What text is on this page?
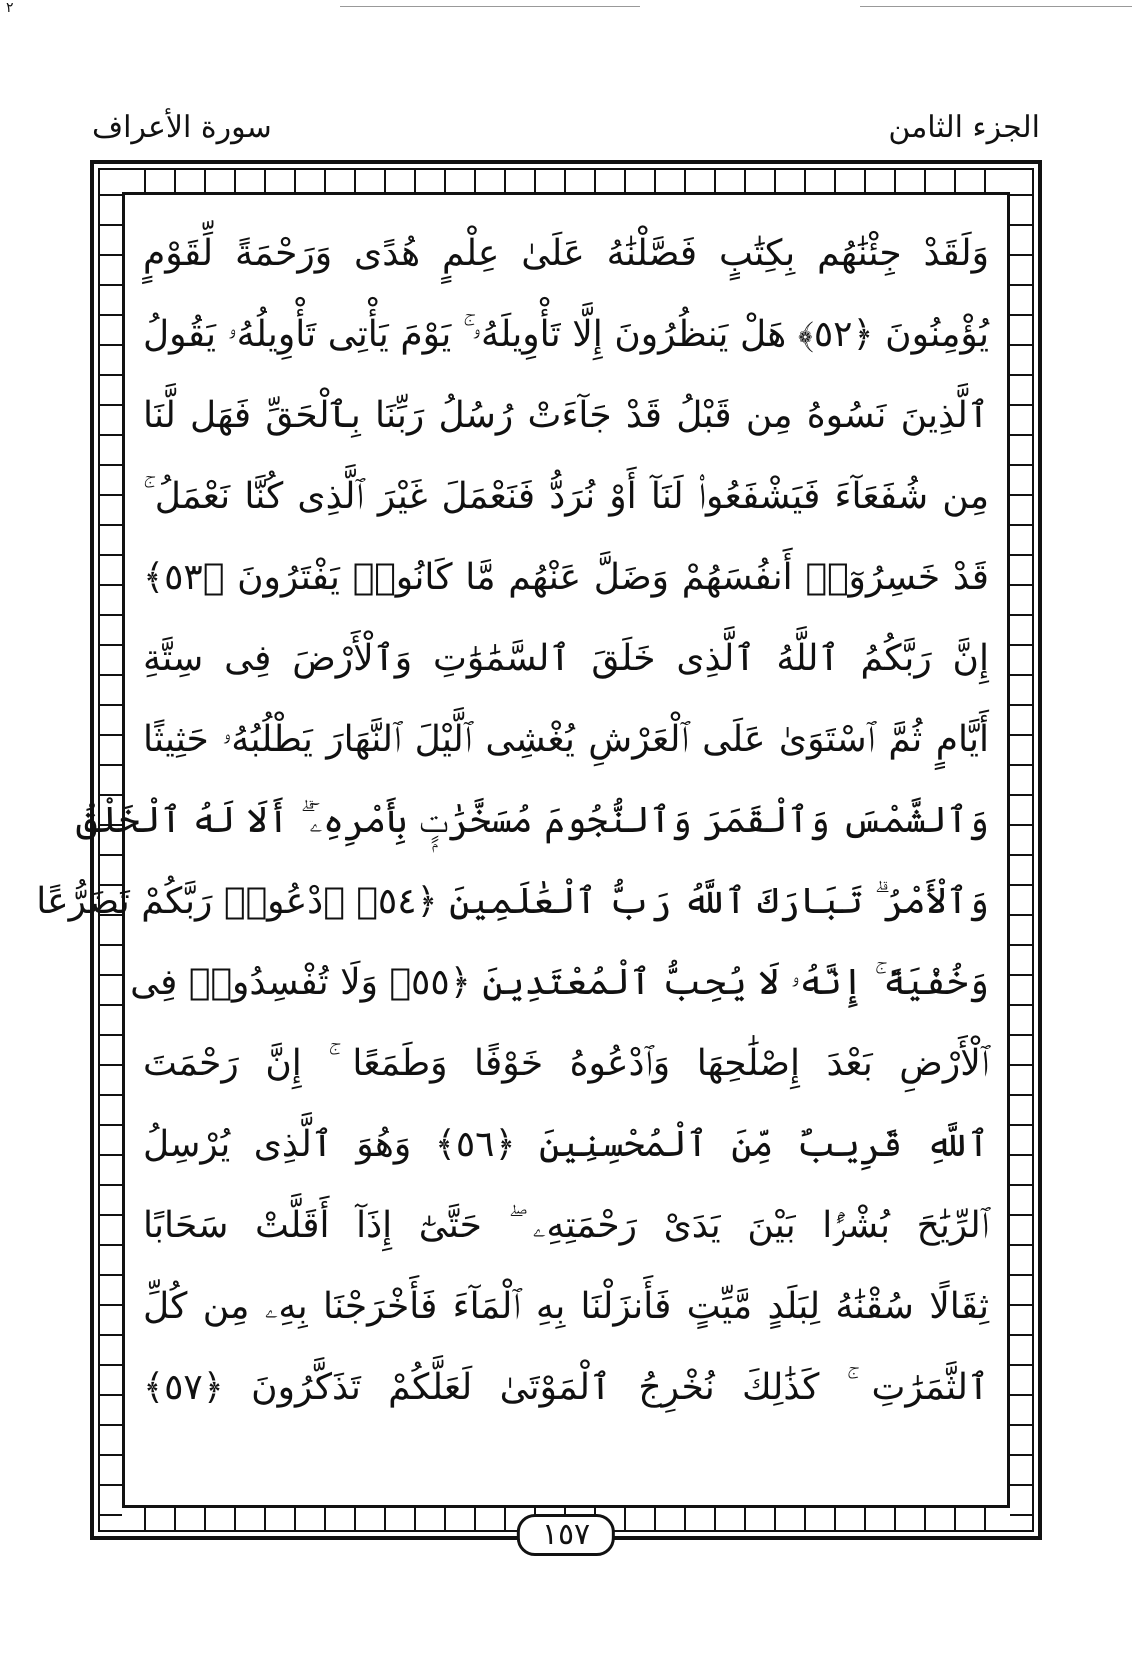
٢
الجزء الثامن
سورة الأعراف
وَلَقَدْ جِئْنَٰهُم بِكِتَٰبٍ فَصَّلْنَٰهُ عَلَىٰ عِلْمٍ هُدًى وَرَحْمَةً لِّقَوْمٍ
يُؤْمِنُونَ ﴿٥٢﴾ هَلْ يَنظُرُونَ إِلَّا تَأْوِيلَهُۥ ۚ يَوْمَ يَأْتِى تَأْوِيلُهُۥ يَقُولُ
ٱلَّذِينَ نَسُوهُ مِن قَبْلُ قَدْ جَآءَتْ رُسُلُ رَبِّنَا بِٱلْحَقِّ فَهَل لَّنَا
مِن شُفَعَآءَ فَيَشْفَعُوا۟ لَنَآ أَوْ نُرَدُّ فَنَعْمَلَ غَيْرَ ٱلَّذِى كُنَّا نَعْمَلُ ۚ
قَدْ خَسِرُوٓا۟ أَنفُسَهُمْ وَضَلَّ عَنْهُم مَّا كَانُوا۟ يَفْتَرُونَ ﴿٥٣﴾
إِنَّ رَبَّكُمُ ٱللَّهُ ٱلَّذِى خَلَقَ ٱلسَّمَٰوَٰتِ وَٱلْأَرْضَ فِى سِتَّةِ
أَيَّامٍ ثُمَّ ٱسْتَوَىٰ عَلَى ٱلْعَرْشِ يُغْشِى ٱلَّيْلَ ٱلنَّهَارَ يَطْلُبُهُۥ حَثِيثًا
وَٱلشَّمْسَ وَٱلْقَمَرَ وَٱلنُّجُومَ مُسَخَّرَٰتٍۭ بِأَمْرِهِۦٓ ۗ أَلَا لَهُ ٱلْخَلْقُ
وَٱلْأَمْرُ ۗ تَبَارَكَ ٱللَّهُ رَبُّ ٱلْعَٰلَمِينَ ﴿٥٤﴾ ٱدْعُوا۟ رَبَّكُمْ تَضَرُّعًا
وَخُفْيَةً ۚ إِنَّهُۥ لَا يُحِبُّ ٱلْمُعْتَدِينَ ﴿٥٥﴾ وَلَا تُفْسِدُوا۟ فِى
ٱلْأَرْضِ بَعْدَ إِصْلَٰحِهَا وَٱدْعُوهُ خَوْفًا وَطَمَعًا ۚ إِنَّ رَحْمَتَ
ٱللَّهِ قَرِيبٌ مِّنَ ٱلْمُحْسِنِينَ ﴿٥٦﴾ وَهُوَ ٱلَّذِى يُرْسِلُ
ٱلرِّيَٰحَ بُشْرًۢا بَيْنَ يَدَىْ رَحْمَتِهِۦ ۖ حَتَّىٰٓ إِذَآ أَقَلَّتْ سَحَابًا
ثِقَالًا سُقْنَٰهُ لِبَلَدٍ مَّيِّتٍ فَأَنزَلْنَا بِهِ ٱلْمَآءَ فَأَخْرَجْنَا بِهِۦ مِن كُلِّ
ٱلثَّمَرَٰتِ ۚ كَذَٰلِكَ نُخْرِجُ ٱلْمَوْتَىٰ لَعَلَّكُمْ تَذَكَّرُونَ ﴿٥٧﴾
١٥٧
